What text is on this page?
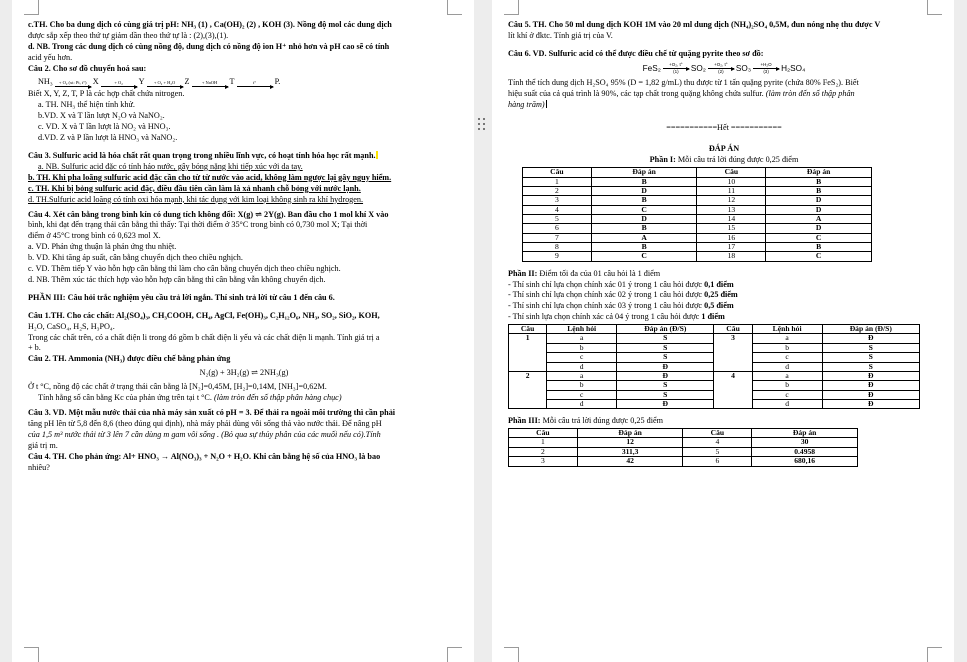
c.TH. Cho ba dung dịch có cùng giá trị pH: NH₃ (1) , Ca(OH)₂ (2) , KOH (3). Nồng độ mol các dung dịch

được sắp xếp theo thứ tự giảm dần theo thứ tự là : (2),(3),(1).

d. NB. Trong các dung dịch có cùng nồng độ, dung dịch có nồng độ ion H⁺ nhỏ hơn và pH cao sẽ có tính

acid yếu hơn.

Câu 2. Cho sơ đồ chuyển hoá sau:

NH₃ + O₂ (xt: Pt, t°) X	+ O₂ Y + O₂ + H₂O Z	+ NaOH T	t° P.

Biết X, Y, Z, T, P là các hợp chất chứa nitrogen.

a. TH. NH₃ thể hiện tính khử.

b.VD. X và T lần lượt N₂O và NaNO₂.

c. VD. X và T lần lượt là NO₂ và HNO₃.

d.VD. Z và P lần lượt là HNO₃ và NaNO₂.

Câu 3. Sulfuric acid là hóa chất rất quan trọng trong nhiều lĩnh vực, có hoạt tính hóa học rất mạnh.

a. NB. Sulfuric acid đặc có tính háo nước, gây bỏng nặng khi tiếp xúc với da tay.

b. TH. Khi pha loãng sulfuric acid đặc cần cho từ từ nước vào acid, không làm ngược lại gây nguy hiểm.

c. TH. Khi bị bỏng sulfuric acid đặc, điều đầu tiên cần làm là xả nhanh chỗ bỏng với nước lạnh.

d. TH.Sulfuric acid loãng có tính oxi hóa mạnh, khi tác dụng với kim loại không sinh ra khí hydrogen.

Câu 4. Xét cân bằng trong bình kín có dung tích không đổi: X(g) ⇌ 2Y(g). Ban đầu cho 1 mol khí X vào

bình, khi đạt đến trạng thái cân bằng thì thấy: Tại thời điểm ở 35°C trong bình có 0,730 mol X; Tại thời

điểm ở 45°C trong bình có 0,623 mol X.

a. VD. Phản ứng thuận là phản ứng thu nhiệt.

b. VD. Khi tăng áp suất, cân bằng chuyển dịch theo chiều nghịch.

c. VD. Thêm tiếp Y vào hỗn hợp cân bằng thì làm cho cân bằng chuyển dịch theo chiều nghịch.

d. NB. Thêm xúc tác thích hợp vào hỗn hợp cân bằng thì cân bằng vẫn không chuyển dịch.

PHẦN III: Câu hỏi trắc nghiệm yêu cầu trả lời ngắn. Thí sinh trả lời từ câu 1 đến câu 6.

Câu 1.TH. Cho các chất: Al₂(SO₄)₃, CH₃COOH, CH₄, AgCl, Fe(OH)₃, C₂H₁₂O₆, NH₃, SO₂, SiO₂, KOH,

H₂O, CaSO₄, H₂S, H₃PO₄.

Trong các chất trên, có a chất điện li trong đó gồm b chất điện li yếu và các chất điện li mạnh. Tính giá trị a

+ b.

Câu 2. TH. Ammonia (NH₃) được điều chế bằng phản ứng

N₂(g) + 3H₂(g) ⇌ 2NH₃(g)

Ở t °C, nồng độ các chất ở trạng thái cân bằng là [N₂]=0,45M, [H₂]=0,14M, [NH₃]=0,62M.

Tính hằng số cân bằng Kc của phản ứng trên tại t °C. (làm tròn đến số thập phân hàng chục)

Câu 3. VD. Một mẫu nước thải của nhà máy sản xuất có pH = 3. Để thải ra ngoài môi trường thì cần phải

tăng pH lên từ 5,8 đến 8,6 (theo đúng qui định), nhà máy phải dùng vôi sống thả vào nước thải. Để nâng pH

của 1,5 m³ nước thải từ 3 lên 7 cần dùng m gam vôi sống . (Bỏ qua sự thủy phân của các muối nếu có).Tính

giá trị m.

Câu 4. TH. Cho phản ứng: Al+ HNO₃ → Al(NO₃)₃ + N₂O + H₂O. Khi cân bằng hệ số của HNO₃ là bao

nhiêu?

Câu 5. TH. Cho 50 ml dung dịch KOH 1M vào 20 ml dung dịch (NH₄)₂SO₄ 0,5M, đun nóng nhẹ thu được V

lít khí ở đktc. Tính giá trị của V.

Câu 6. VD. Sulfuric acid có thể được điều chế từ quặng pyrite theo sơ đồ:

FeS₂ +O₂, t°
(1) SO₂ +O₂, t°
(2) SO₃ +H₂O
(3) H₂SO₄

Tính thể tích dung dịch H₂SO₄ 95% (D = 1,82 g/mL) thu được từ 1 tấn quặng pyrite (chứa 80% FeS₂). Biết

hiệu suất của cả quá trình là 90%, các tạp chất trong quặng không chứa sulfur. (làm tròn đến số thập phân

hàng trăm)

===========Hết ===========

ĐÁP ÁN

Phần I: Mỗi câu trả lời đúng được 0,25 điểm

Câu	Đáp án	Câu	Đáp án
1	B	10	B
2	D	11	B
3	B	12	D
4	C	13	D
5	D	14	A
6	B	15	D
7	A	16	C
8	B	17	B
9	C	18	C

Phần II: Điểm tối đa của 01 câu hỏi là 1 điểm

- Thí sinh chỉ lựa chọn chính xác 01 ý trong 1 câu hỏi được 0,1 điểm

- Thí sinh chỉ lựa chọn chính xác 02 ý trong 1 câu hỏi được 0,25 điểm

- Thí sinh chỉ lựa chọn chính xác 03 ý trong 1 câu hỏi được 0,5 điểm

- Thí sinh lựa chọn chính xác cả 04 ý trong 1 câu hỏi được 1 điểm

Câu	Lệnh hỏi	Đáp án (Đ/S)	Câu	Lệnh hỏi	Đáp án (Đ/S)
1	a	S	3	a	Đ
	b	S		b	S
	c	S		c	S
	d	Đ		d	S
2	a	Đ	4	a	Đ
	b	S		b	Đ
	c	S		c	Đ
	d	Đ		d	Đ

Phần III: Mỗi câu trả lời đúng được 0,25 điểm

Câu	Đáp án	Câu	Đáp án
1	12	4	30
2	311,3	5	0.4958
3	42	6	680,16
